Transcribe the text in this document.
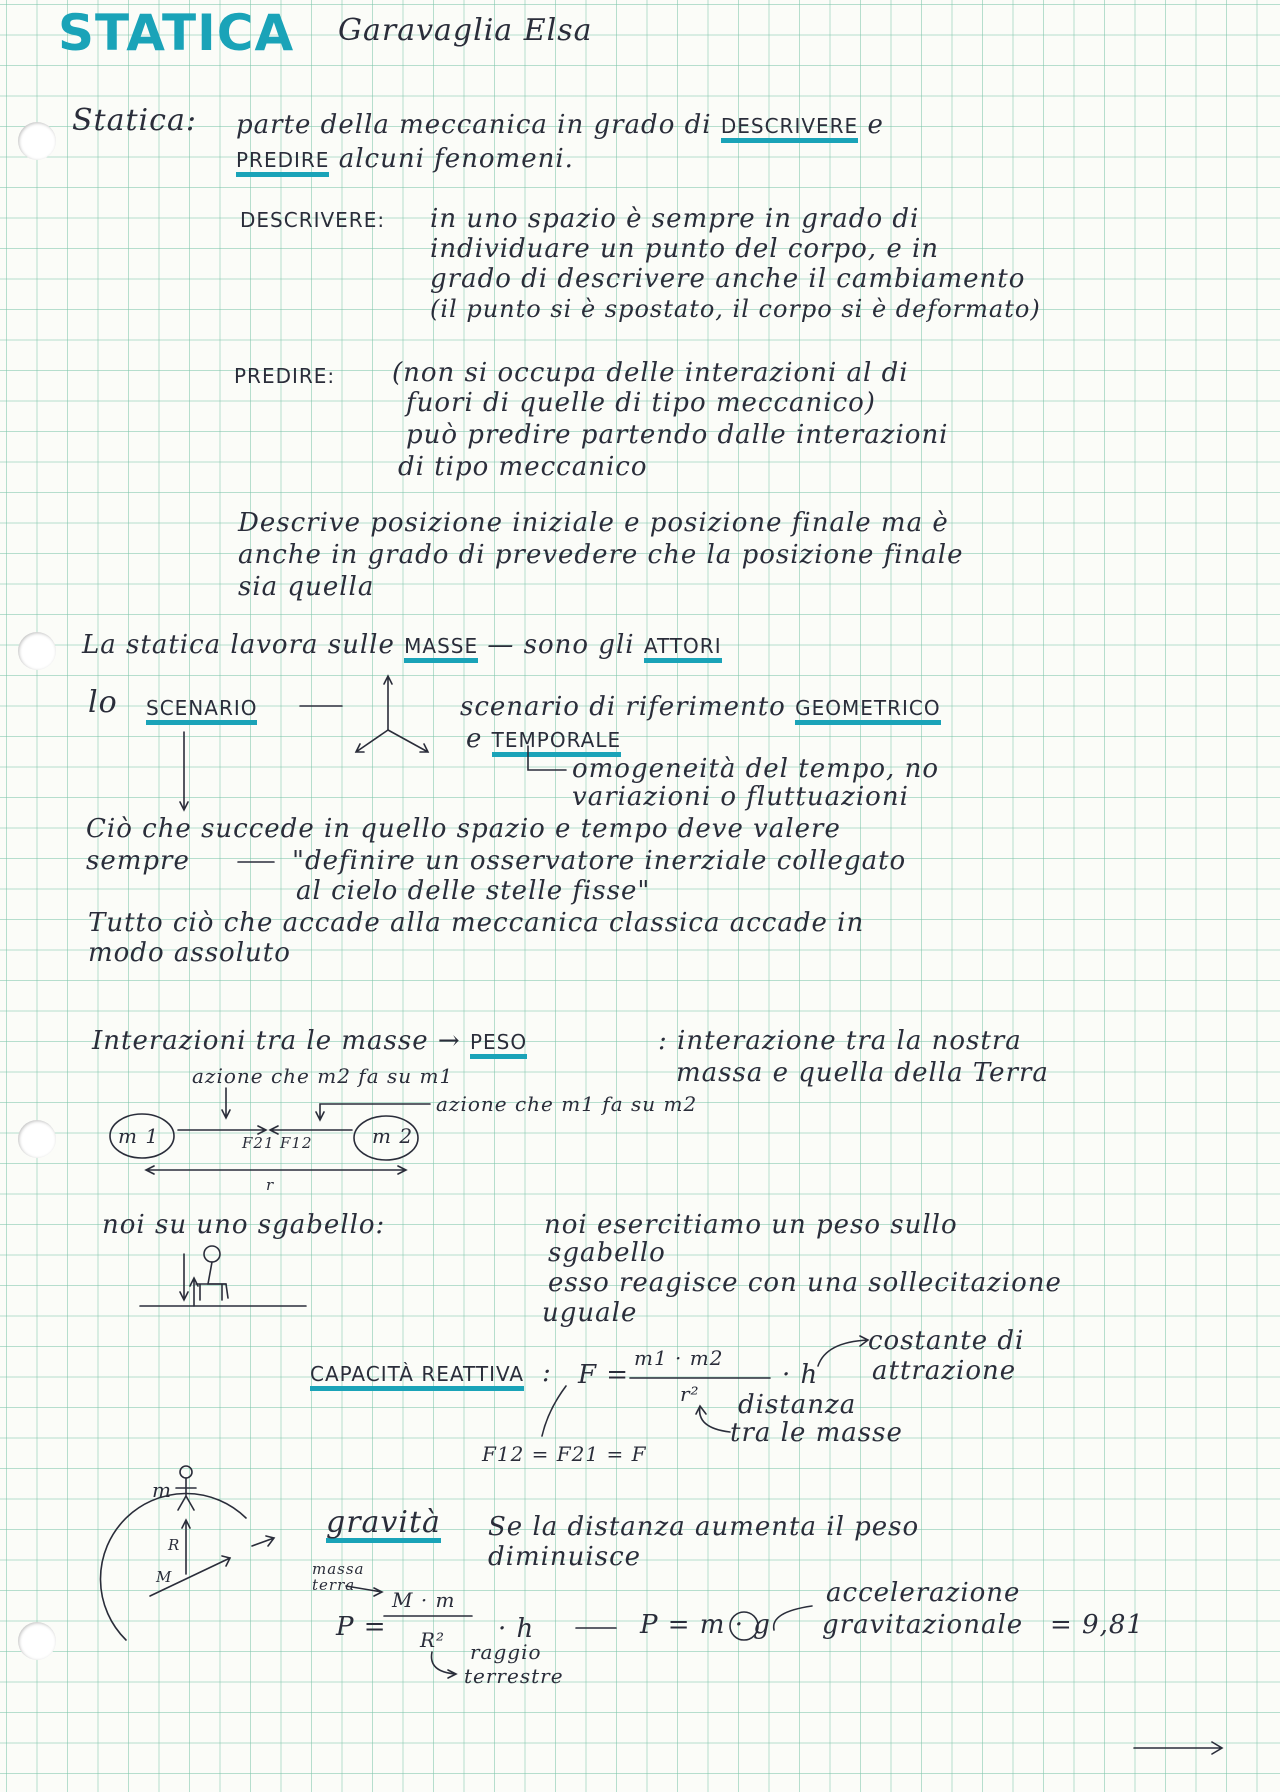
STATICA Garavaglia Elsa
Statica: parte della meccanica in grado di DESCRIVERE e
PREDIRE alcuni fenomeni.
DESCRIVERE: in uno spazio è sempre in grado di
individuare un punto del corpo, e in
grado di descrivere anche il cambiamento
(il punto si è spostato, il corpo si è deformato)
PREDIRE: (non si occupa delle interazioni al di
fuori di quelle di tipo meccanico)
può predire partendo dalle interazioni
di tipo meccanico
Descrive posizione iniziale e posizione finale ma è
anche in grado di prevedere che la posizione finale
sia quella
La statica lavora sulle MASSE — sono gli ATTORI
lo SCENARIO	scenario di riferimento GEOMETRICO
e TEMPORALE
omogeneità del tempo, no
variazioni o fluttuazioni
Ciò che succede in quello spazio e tempo deve valere
sempre	"definire un osservatore inerziale collegato
al cielo delle stelle fisse"
Tutto ciò che accade alla meccanica classica accade in
modo assoluto
Interazioni tra le masse → PESO	: interazione tra la nostra
massa e quella della Terra
azione che m2 fa su m1
azione che m1 fa su m2
m 1	m 2
F21 F12
r
noi su uno sgabello:	noi esercitiamo un peso sullo
sgabello
esso reagisce con una sollecitazione
uguale
CAPACITÀ REATTIVA : F =
m1 · m2
r²
· h
costante di
attrazione
distanza
tra le masse
F12 = F21 = F
m
R
M
gravità Se la distanza aumenta il peso
diminuisce
massa
terra
P =
M · m
R² · h	P = m · g
accelerazione
gravitazionale = 9,81
raggio
terrestre
